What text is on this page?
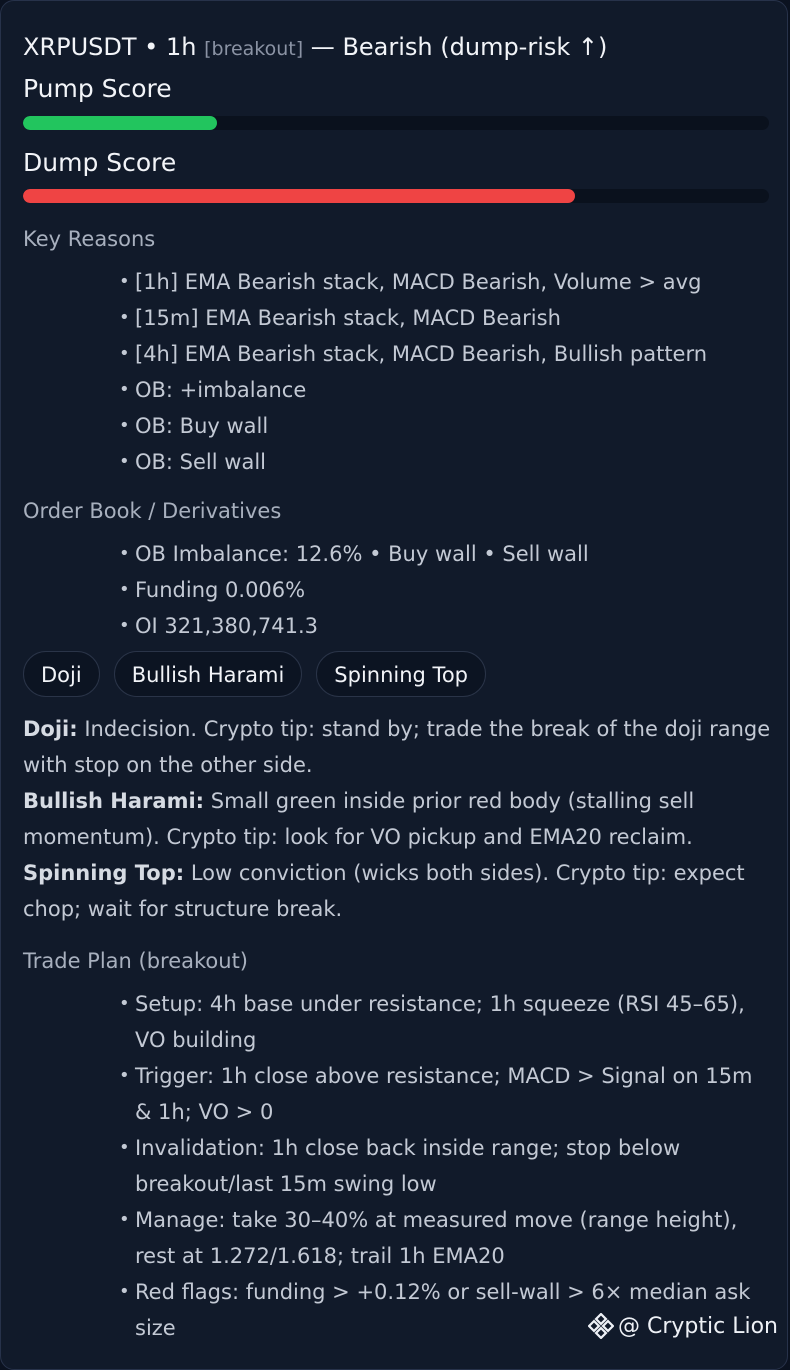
XRPUSDT • 1h [breakout] — Bearish (dump-risk ↑)
Pump Score
Dump Score
Key Reasons
• [1h] EMA Bearish stack, MACD Bearish, Volume > avg
• [15m] EMA Bearish stack, MACD Bearish
• [4h] EMA Bearish stack, MACD Bearish, Bullish pattern
• OB: +imbalance
• OB: Buy wall
• OB: Sell wall
Order Book / Derivatives
• OB Imbalance: 12.6% • Buy wall • Sell wall
• Funding 0.006%
• OI 321,380,741.3
Doji	Bullish Harami	Spinning Top

Doji: Indecision. Crypto tip: stand by; trade the break of the doji range with stop on the other side.

Bullish Harami: Small green inside prior red body (stalling sell momentum). Crypto tip: look for VO pickup and EMA20 reclaim.

Spinning Top: Low conviction (wicks both sides). Crypto tip: expect chop; wait for structure break.

Trade Plan (breakout)
• Setup: 4h base under resistance; 1h squeeze (RSI 45–65), VO building
• Trigger: 1h close above resistance; MACD > Signal on 15m & 1h; VO > 0
• Invalidation: 1h close back inside range; stop below breakout/last 15m swing low
• Manage: take 30–40% at measured move (range height), rest at 1.272/1.618; trail 1h EMA20
• Red flags: funding > +0.12% or sell-wall > 6× median ask size	@ Cryptic Lion
